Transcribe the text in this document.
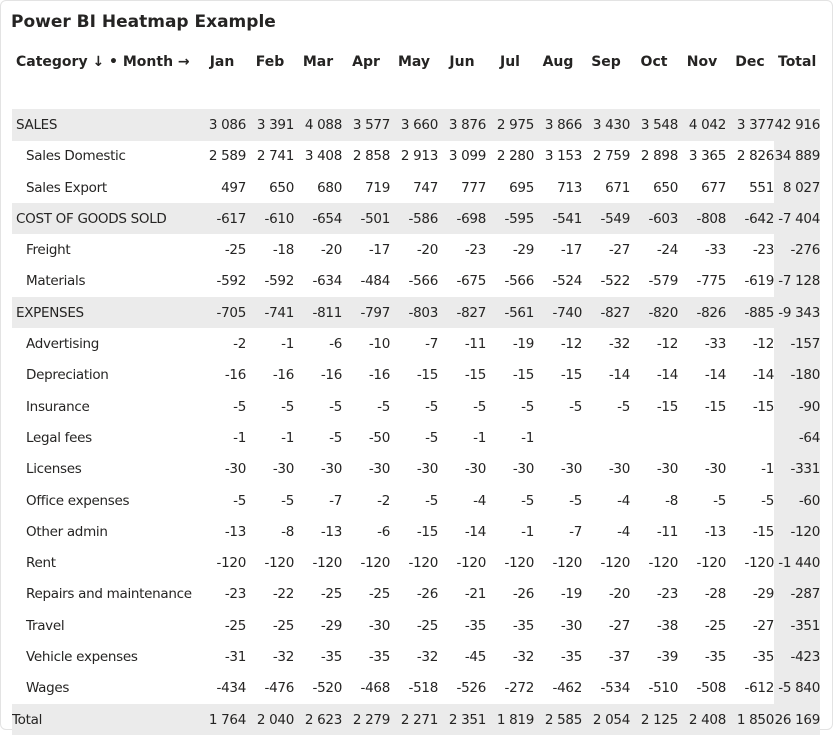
Power BI Heatmap Example
Category ↓ • Month →	Jan	Feb	Mar	Apr	May	Jun	Jul	Aug	Sep	Oct	Nov	Dec	Total

SALES	3 086	3 391	4 088	3 577	3 660	3 876	2 975	3 866	3 430	3 548	4 042	3 377	42 916
Sales Domestic	2 589	2 741	3 408	2 858	2 913	3 099	2 280	3 153	2 759	2 898	3 365	2 826	34 889
Sales Export	497	650	680	719	747	777	695	713	671	650	677	551	8 027
COST OF GOODS SOLD	-617	-610	-654	-501	-586	-698	-595	-541	-549	-603	-808	-642	-7 404
Freight	-25	-18	-20	-17	-20	-23	-29	-17	-27	-24	-33	-23	-276
Materials	-592	-592	-634	-484	-566	-675	-566	-524	-522	-579	-775	-619	-7 128
EXPENSES	-705	-741	-811	-797	-803	-827	-561	-740	-827	-820	-826	-885	-9 343
Advertising	-2	-1	-6	-10	-7	-11	-19	-12	-32	-12	-33	-12	-157
Depreciation	-16	-16	-16	-16	-15	-15	-15	-15	-14	-14	-14	-14	-180
Insurance	-5	-5	-5	-5	-5	-5	-5	-5	-5	-15	-15	-15	-90
Legal fees	-1	-1	-5	-50	-5	-1	-1						-64
Licenses	-30	-30	-30	-30	-30	-30	-30	-30	-30	-30	-30	-1	-331
Office expenses	-5	-5	-7	-2	-5	-4	-5	-5	-4	-8	-5	-5	-60
Other admin	-13	-8	-13	-6	-15	-14	-1	-7	-4	-11	-13	-15	-120
Rent	-120	-120	-120	-120	-120	-120	-120	-120	-120	-120	-120	-120	-1 440
Repairs and maintenance	-23	-22	-25	-25	-26	-21	-26	-19	-20	-23	-28	-29	-287
Travel	-25	-25	-29	-30	-25	-35	-35	-30	-27	-38	-25	-27	-351
Vehicle expenses	-31	-32	-35	-35	-32	-45	-32	-35	-37	-39	-35	-35	-423
Wages	-434	-476	-520	-468	-518	-526	-272	-462	-534	-510	-508	-612	-5 840
Total	1 764	2 040	2 623	2 279	2 271	2 351	1 819	2 585	2 054	2 125	2 408	1 850	26 169
